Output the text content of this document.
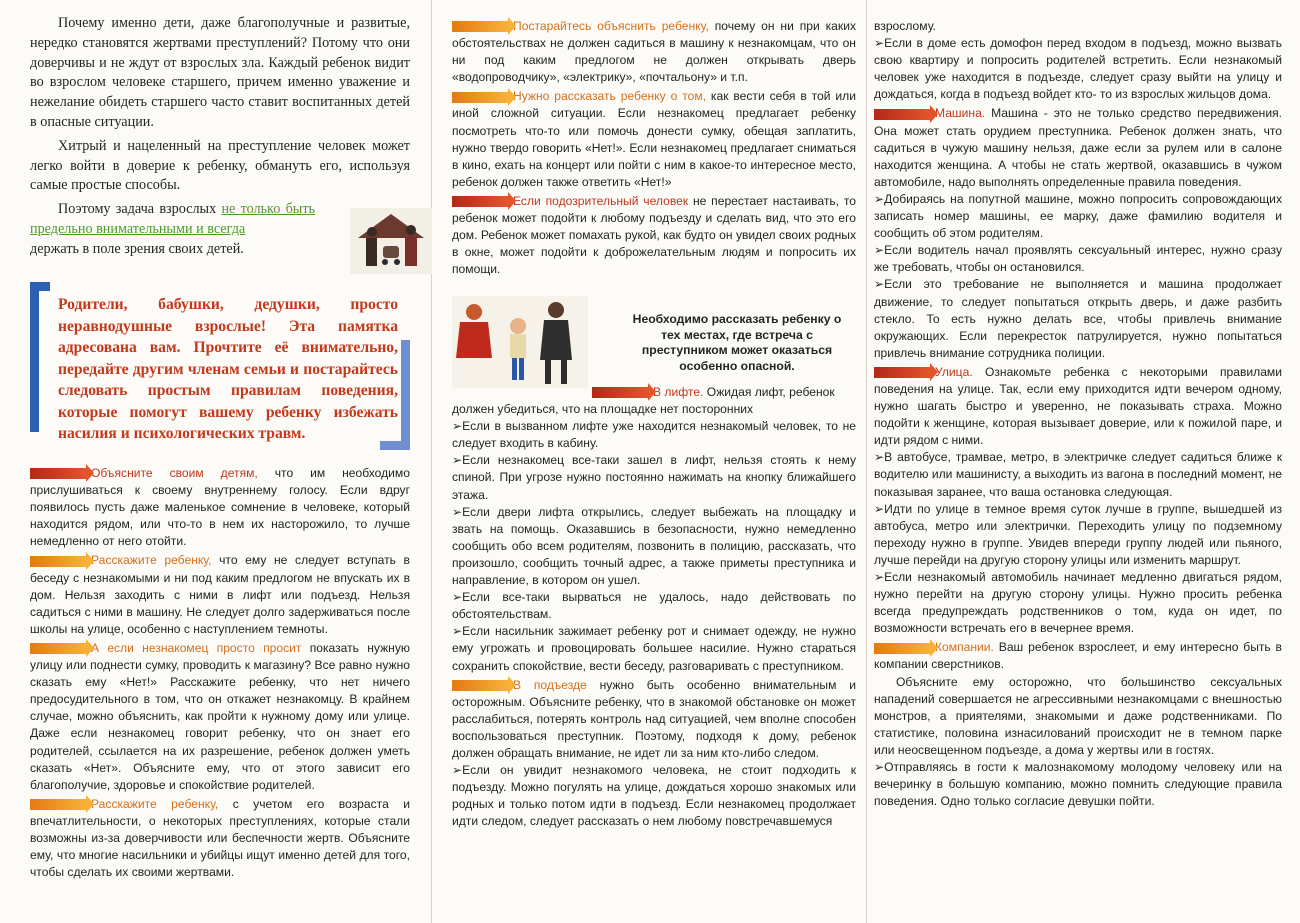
Почему именно дети, даже благополучные и развитые, нередко становятся жертвами преступлений? Потому что они доверчивы и не ждут от взрослых зла. Каждый ребенок видит во взрослом человеке старшего, причем именно уважение и нежелание обидеть старшего часто ставит воспитанных детей в опасные ситуации.

Хитрый и нацеленный на преступление человек может легко войти в доверие к ребенку, обмануть его, используя самые простые способы.

Поэтому задача взрослых не только быть предельно внимательными и всегда

держать в поле зрения своих детей.

Родители, бабушки, дедушки, просто неравнодушные взрослые! Эта памятка адресована вам. Прочтите её внимательно, передайте другим членам семьи и постарайтесь следовать простым правилам поведения, которые помогут вашему ребенку избежать насилия и психологических травм.

Объясните своим детям, что им необходимо прислушиваться к своему внутреннему голосу. Если вдруг появилось пусть даже маленькое сомнение в человеке, который находится рядом, или что-то в нем их насторожило, то лучше немедленно от него отойти.

Расскажите ребенку, что ему не следует вступать в беседу с незнакомыми и ни под каким предлогом не впускать их в дом. Нельзя заходить с ними в лифт или подъезд. Нельзя садиться с ними в машину. Не следует долго задерживаться после школы на улице, особенно с наступлением темноты.

А если незнакомец просто просит показать нужную улицу или поднести сумку, проводить к магазину? Все равно нужно сказать ему «Нет!» Расскажите ребенку, что нет ничего предосудительного в том, что он откажет незнакомцу. В крайнем случае, можно объяснить, как пройти к нужному дому или улице. Даже если незнакомец говорит ребенку, что он знает его родителей, ссылается на их разрешение, ребенок должен уметь сказать «Нет». Объясните ему, что от этого зависит его благополучие, здоровье и спокойствие родителей.

Расскажите ребенку, с учетом его возраста и впечатлительности, о некоторых преступлениях, которые стали возможны из-за доверчивости или беспечности жертв. Объясните ему, что многие насильники и убийцы ищут именно детей для того, чтобы сделать их своими жертвами.

Постарайтесь объяснить ребенку, почему он ни при каких обстоятельствах не должен садиться в машину к незнакомцам, что он ни под каким предлогом не должен открывать дверь «водопроводчику», «электрику», «почтальону» и т.п.

Нужно рассказать ребенку о том, как вести себя в той или иной сложной ситуации. Если незнакомец предлагает ребенку посмотреть что-то или помочь донести сумку, обещая заплатить, нужно твердо говорить «Нет!». Если незнакомец предлагает сниматься в кино, ехать на концерт или пойти с ним в какое-то интересное место, ребенок должен также ответить «Нет!»

Если подозрительный человек не перестает настаивать, то ребенок может подойти к любому подъезду и сделать вид, что это его дом. Ребенок может помахать рукой, как будто он увидел своих родных в окне, может подойти к доброжелательным людям и попросить их помощи.

Необходимо рассказать ребенку о тех местах, где встреча с преступником может оказаться особенно опасной.

В лифте. Ожидая лифт, ребенок

должен убедиться, что на площадке нет посторонних

➢Если в вызванном лифте уже находится незнакомый человек, то не следует входить в кабину.

➢Если незнакомец все-таки зашел в лифт, нельзя стоять к нему спиной. При угрозе нужно постоянно нажимать на кнопку ближайшего этажа.

➢Если двери лифта открылись, следует выбежать на площадку и звать на помощь. Оказавшись в безопасности, нужно немедленно сообщить обо всем родителям, позвонить в полицию, рассказать, что произошло, сообщить точный адрес, а также приметы преступника и направление, в котором он ушел.

➢Если все-таки вырваться не удалось, надо действовать по обстоятельствам.

➢Если насильник зажимает ребенку рот и снимает одежду, не нужно ему угрожать и провоцировать большее насилие. Нужно стараться сохранить спокойствие, вести беседу, разговаривать с преступником.

В подъезде нужно быть особенно внимательным и осторожным. Объясните ребенку, что в знакомой обстановке он может расслабиться, потерять контроль над ситуацией, чем вполне способен воспользоваться преступник. Поэтому, подходя к дому, ребенок должен обращать внимание, не идет ли за ним кто-либо следом.

➢Если он увидит незнакомого человека, не стоит подходить к подъезду. Можно погулять на улице, дождаться хорошо знакомых или родных и только потом идти в подъезд. Если незнакомец продолжает идти следом, следует рассказать о нем любому повстречавшемуся

взрослому.

➢Если в доме есть домофон перед входом в подъезд, можно вызвать свою квартиру и попросить родителей встретить. Если незнакомый человек уже находится в подъезде, следует сразу выйти на улицу и дождаться, когда в подъезд войдет кто- то из взрослых жильцов дома.

Машина. Машина - это не только средство передвижения. Она может стать орудием преступника. Ребенок должен знать, что садиться в чужую машину нельзя, даже если за рулем или в салоне находится женщина. А чтобы не стать жертвой, оказавшись в чужом автомобиле, надо выполнять определенные правила поведения.

➢Добираясь на попутной машине, можно попросить сопровождающих записать номер машины, ее марку, даже фамилию водителя и сообщить об этом родителям.

➢Если водитель начал проявлять сексуальный интерес, нужно сразу же требовать, чтобы он остановился.

➢Если это требование не выполняется и машина продолжает движение, то следует попытаться открыть дверь, и даже разбить стекло. То есть нужно делать все, чтобы привлечь внимание окружающих. Если перекресток патрулируется, нужно попытаться привлечь внимание сотрудника полиции.

Улица. Ознакомьте ребенка с некоторыми правилами поведения на улице. Так, если ему приходится идти вечером одному, нужно шагать быстро и уверенно, не показывать страха. Можно подойти к женщине, которая вызывает доверие, или к пожилой паре, и идти рядом с ними.

➢В автобусе, трамвае, метро, в электричке следует садиться ближе к водителю или машинисту, а выходить из вагона в последний момент, не показывая заранее, что ваша остановка следующая.

➢Идти по улице в темное время суток лучше в группе, вышедшей из автобуса, метро или электрички. Переходить улицу по подземному переходу нужно в группе. Увидев впереди группу людей или пьяного, лучше перейди на другую сторону улицы или изменить маршрут.

➢Если незнакомый автомобиль начинает медленно двигаться рядом, нужно перейти на другую сторону улицы. Нужно просить ребенка всегда предупреждать родственников о том, куда он идет, по возможности встречать его в вечернее время.

Компании. Ваш ребенок взрослеет, и ему интересно быть в компании сверстников.

Объясните ему осторожно, что большинство сексуальных нападений совершается не агрессивными незнакомцами с внешностью монстров, а приятелями, знакомыми и даже родственниками. По статистике, половина изнасилований происходит не в темном парке или неосвещенном подъезде, а дома у жертвы или в гостях.

➢Отправляясь в гости к малознакомому молодому человеку или на вечеринку в большую компанию, можно помнить следующие правила поведения. Одно только согласие девушки пойти.
